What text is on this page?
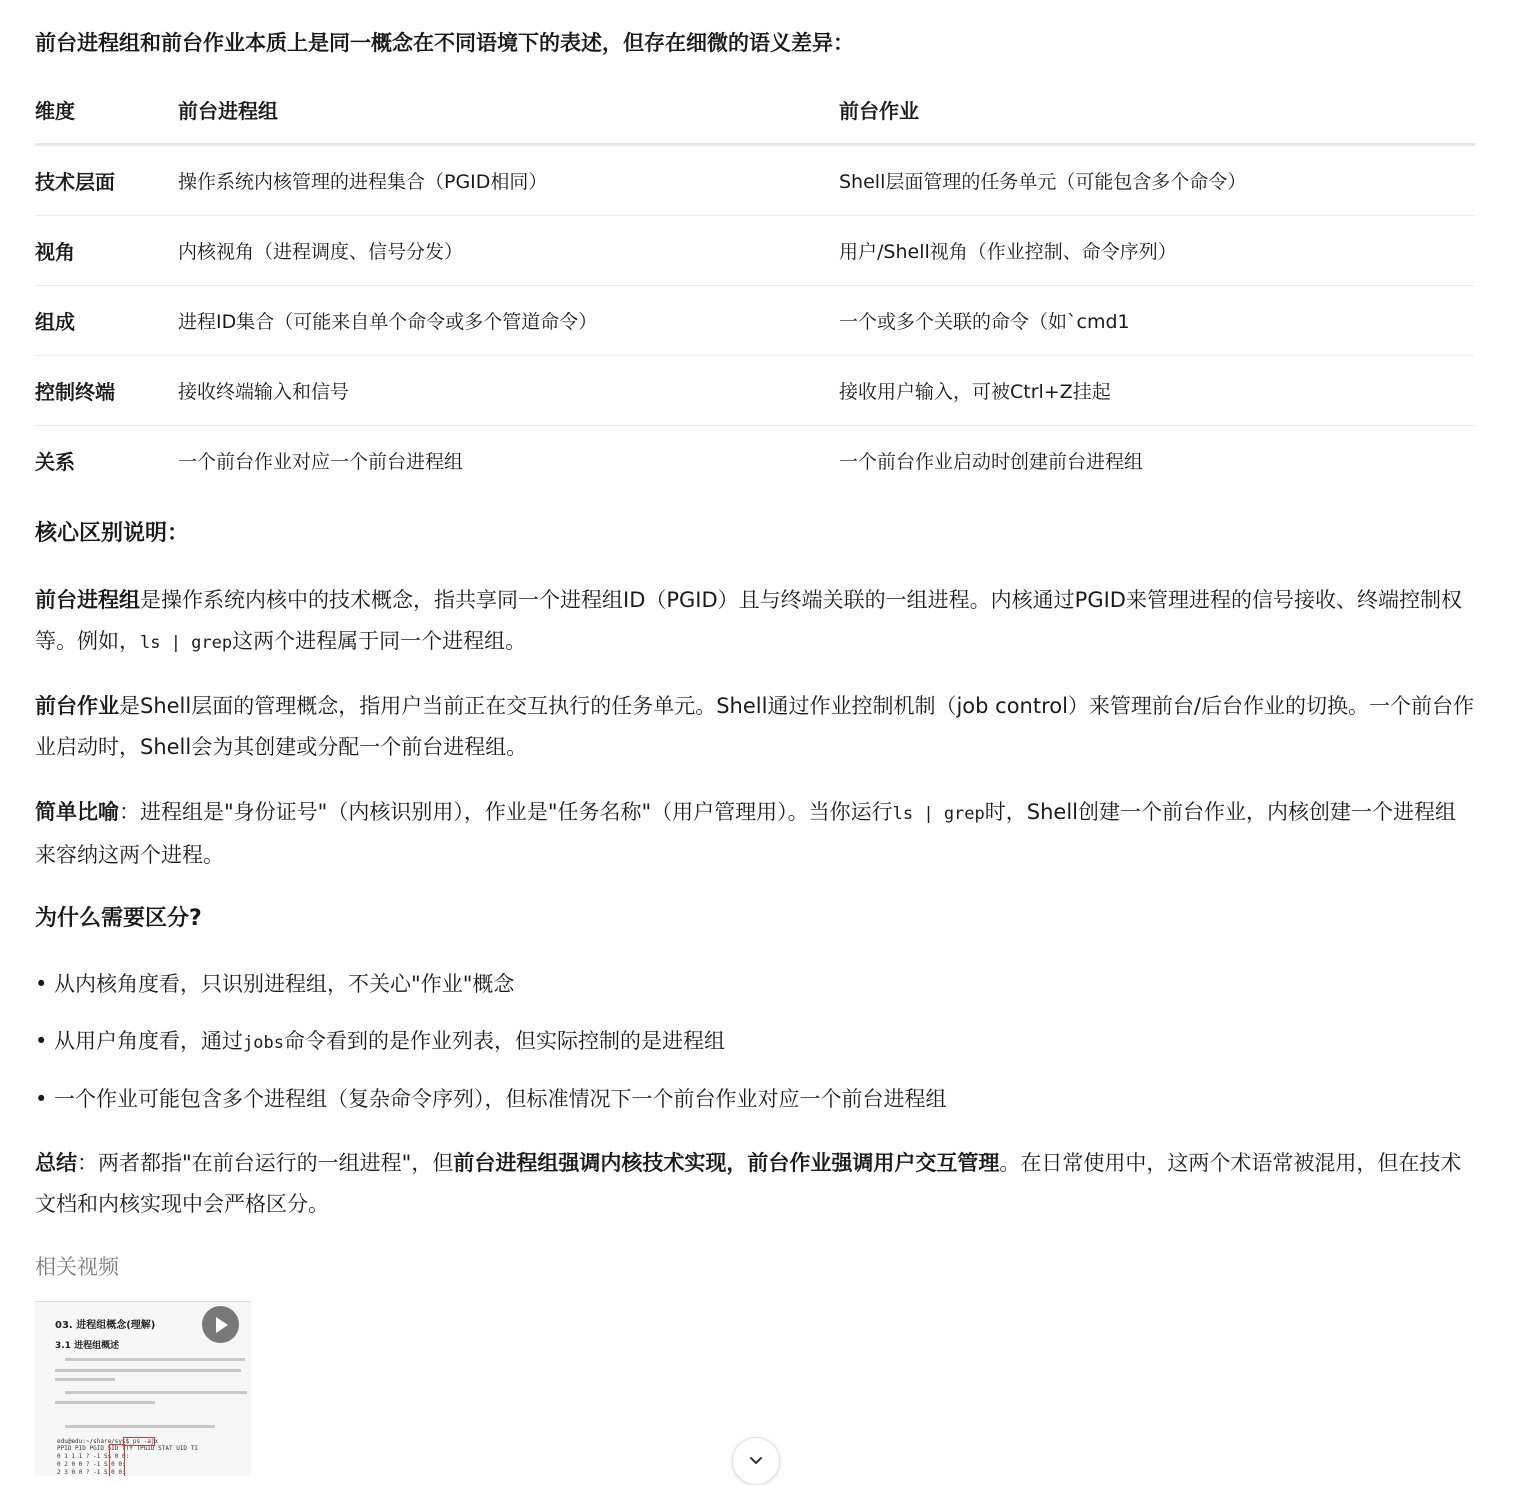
前台进程组和前台作业本质上是同一概念在不同语境下的表述，但存在细微的语义差异：
维度	前台进程组	前台作业
技术层面	操作系统内核管理的进程集合（PGID相同）	Shell层面管理的任务单元（可能包含多个命令）
视角	内核视角（进程调度、信号分发）	用户/Shell视角（作业控制、命令序列）
组成	进程ID集合（可能来自单个命令或多个管道命令）	一个或多个关联的命令（如`cmd1
控制终端	接收终端输入和信号	接收用户输入，可被Ctrl+Z挂起
关系	一个前台作业对应一个前台进程组	一个前台作业启动时创建前台进程组
核心区别说明：
前台进程组是操作系统内核中的技术概念，指共享同一个进程组ID（PGID）且与终端关联的一组进程。内核通过PGID来管理进程的信号接收、终端控制权等。例如，ls | grep这两个进程属于同一个进程组。
前台作业是Shell层面的管理概念，指用户当前正在交互执行的任务单元。Shell通过作业控制机制（job control）来管理前台/后台作业的切换。一个前台作业启动时，Shell会为其创建或分配一个前台进程组。
简单比喻：进程组是"身份证号"（内核识别用），作业是"任务名称"（用户管理用）。当你运行ls | grep时，Shell创建一个前台作业，内核创建一个进程组来容纳这两个进程。
为什么需要区分?
• 从内核角度看，只识别进程组，不关心"作业"概念
• 从用户角度看，通过jobs命令看到的是作业列表，但实际控制的是进程组
• 一个作业可能包含多个进程组（复杂命令序列），但标准情况下一个前台作业对应一个前台进程组
总结：两者都指"在前台运行的一组进程"，但前台进程组强调内核技术实现，前台作业强调用户交互管理。在日常使用中，这两个术语常被混用，但在技术文档和内核实现中会严格区分。
相关视频
03. 进程组概念(理解)
3.1 进程组概述
edu@edu:~/share/sys$ ps -ajx
PPID PID PGID SID TTY TPGID STAT UID TI
0 1 1 1 ? -1 Ss 0 0:
0 2 0 0 ? -1 S 0 0:
2 3 0 0 ? -1 S 0 0:
